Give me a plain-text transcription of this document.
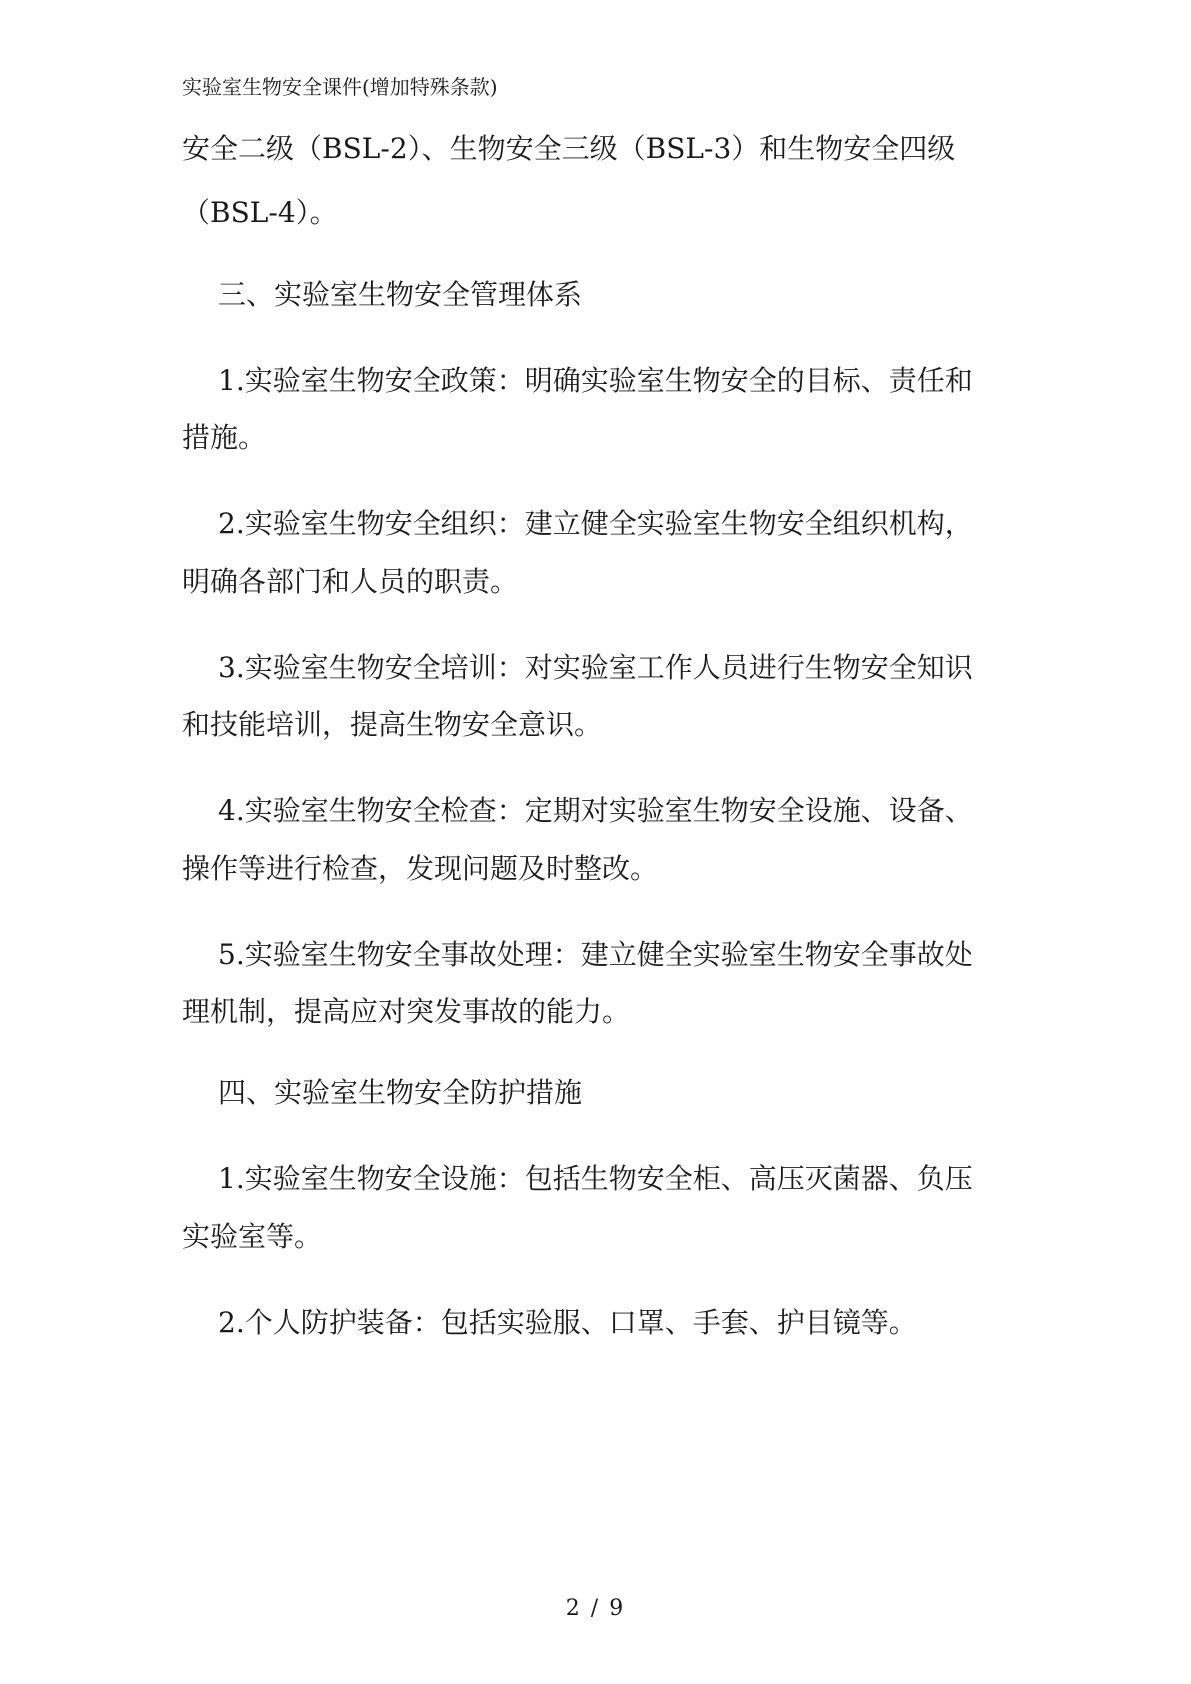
实验室生物安全课件(增加特殊条款)
安全二级（BSL-2）、生物安全三级（BSL-3）和生物安全四级
（BSL-4）。
三、实验室生物安全管理体系
1.实验室生物安全政策：明确实验室生物安全的目标、责任和
措施。
2.实验室生物安全组织：建立健全实验室生物安全组织机构，
明确各部门和人员的职责。
3.实验室生物安全培训：对实验室工作人员进行生物安全知识
和技能培训，提高生物安全意识。
4.实验室生物安全检查：定期对实验室生物安全设施、设备、
操作等进行检查，发现问题及时整改。
5.实验室生物安全事故处理：建立健全实验室生物安全事故处
理机制，提高应对突发事故的能力。
四、实验室生物安全防护措施
1.实验室生物安全设施：包括生物安全柜、高压灭菌器、负压
实验室等。
2.个人防护装备：包括实验服、口罩、手套、护目镜等。
2 / 9
